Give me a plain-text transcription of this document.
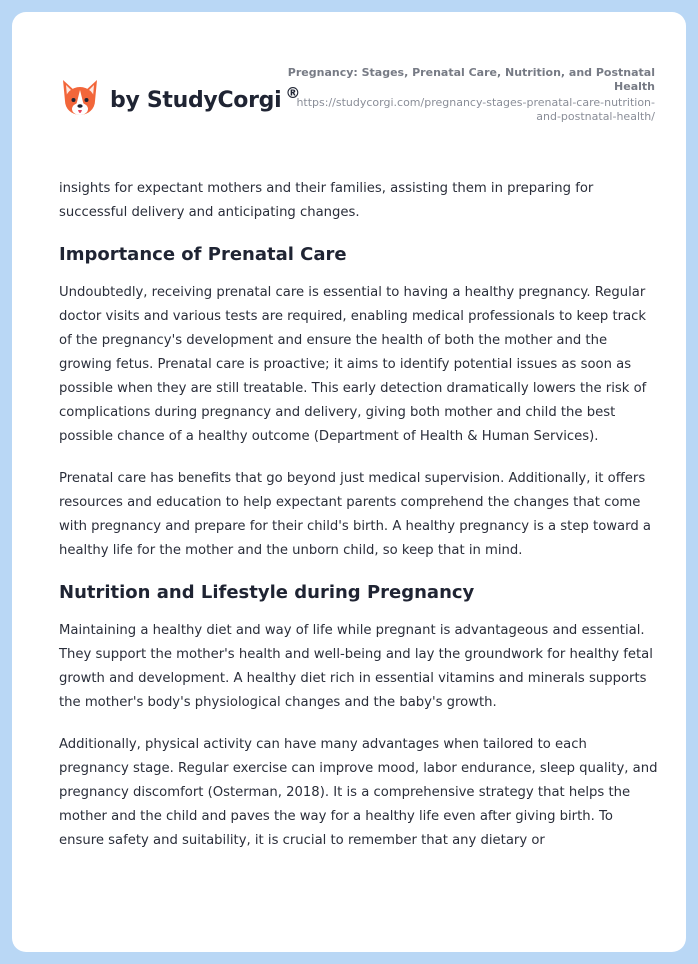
by StudyCorgi ®
Pregnancy: Stages, Prenatal Care, Nutrition, and Postnatal Health
https://studycorgi.com/pregnancy-stages-prenatal-care-nutrition-and-postnatal-health/

insights for expectant mothers and their families, assisting them in preparing for successful delivery and anticipating changes.

Importance of Prenatal Care

Undoubtedly, receiving prenatal care is essential to having a healthy pregnancy. Regular doctor visits and various tests are required, enabling medical professionals to keep track of the pregnancy's development and ensure the health of both the mother and the growing fetus. Prenatal care is proactive; it aims to identify potential issues as soon as possible when they are still treatable. This early detection dramatically lowers the risk of complications during pregnancy and delivery, giving both mother and child the best possible chance of a healthy outcome (Department of Health & Human Services).

Prenatal care has benefits that go beyond just medical supervision. Additionally, it offers resources and education to help expectant parents comprehend the changes that come with pregnancy and prepare for their child's birth. A healthy pregnancy is a step toward a healthy life for the mother and the unborn child, so keep that in mind.

Nutrition and Lifestyle during Pregnancy

Maintaining a healthy diet and way of life while pregnant is advantageous and essential. They support the mother's health and well-being and lay the groundwork for healthy fetal growth and development. A healthy diet rich in essential vitamins and minerals supports the mother's body's physiological changes and the baby's growth.

Additionally, physical activity can have many advantages when tailored to each pregnancy stage. Regular exercise can improve mood, labor endurance, sleep quality, and pregnancy discomfort (Osterman, 2018). It is a comprehensive strategy that helps the mother and the child and paves the way for a healthy life even after giving birth. To ensure safety and suitability, it is crucial to remember that any dietary or
